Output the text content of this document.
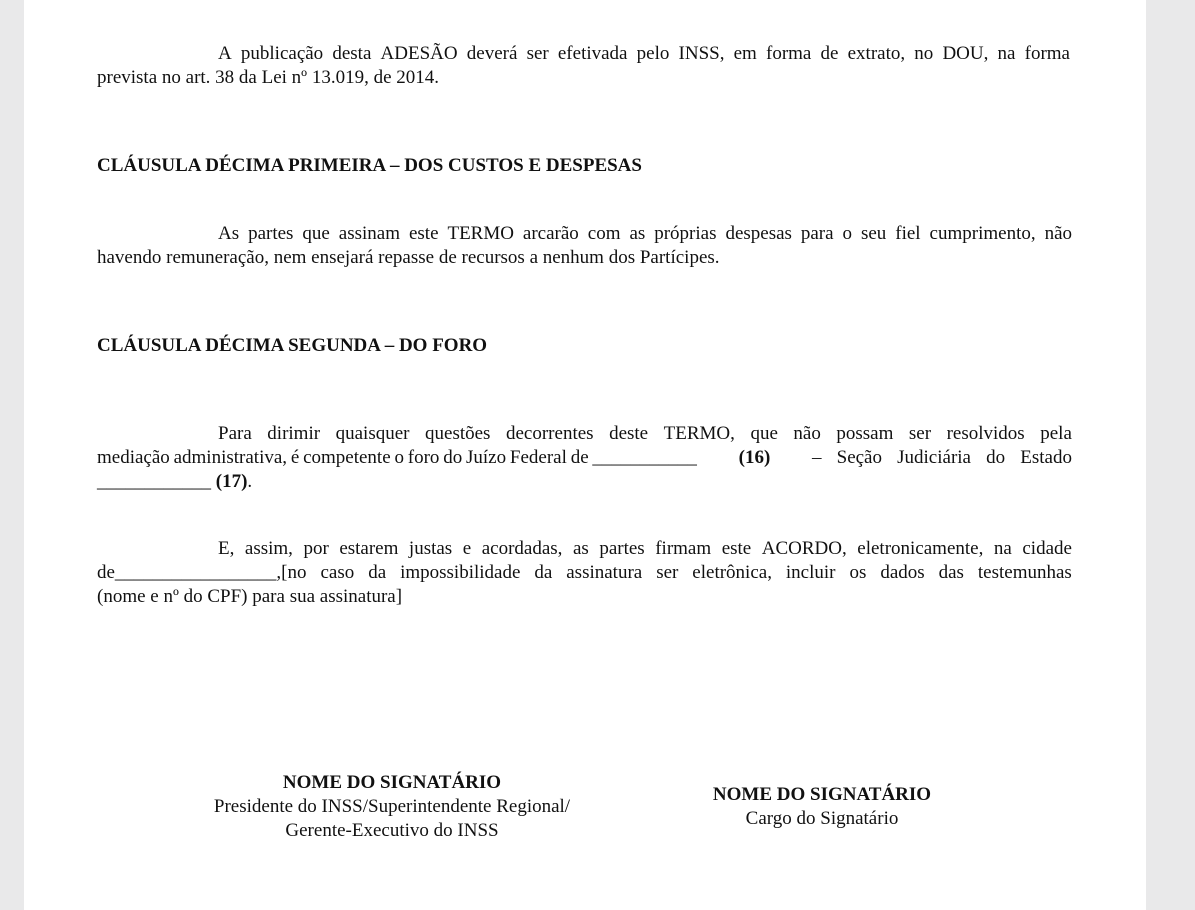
A publicação desta ADESÃO deverá ser efetivada pelo INSS, em forma de extrato, no DOU, na forma
prevista no art. 38 da Lei nº 13.019, de 2014.
CLÁUSULA DÉCIMA PRIMEIRA – DOS CUSTOS E DESPESAS
As partes que assinam este TERMO arcarão com as próprias despesas para o seu fiel cumprimento, não
havendo remuneração, nem ensejará repasse de recursos a nenhum dos Partícipes.
CLÁUSULA DÉCIMA SEGUNDA – DO FORO
Para dirimir quaisquer questões decorrentes deste TERMO, que não possam ser resolvidos pela
mediação administrativa, é competente o foro do Juízo Federal de ___________ (16) – Seção Judiciária do Estado
____________ (17).
E, assim, por estarem justas e acordadas, as partes firmam este ACORDO, eletronicamente, na cidade
de_________________,[no caso da impossibilidade da assinatura ser eletrônica, incluir os dados das testemunhas
(nome e nº do CPF) para sua assinatura]
NOME DO SIGNATÁRIO
Presidente do INSS/Superintendente Regional/
Gerente-Executivo do INSS
NOME DO SIGNATÁRIO
Cargo do Signatário
